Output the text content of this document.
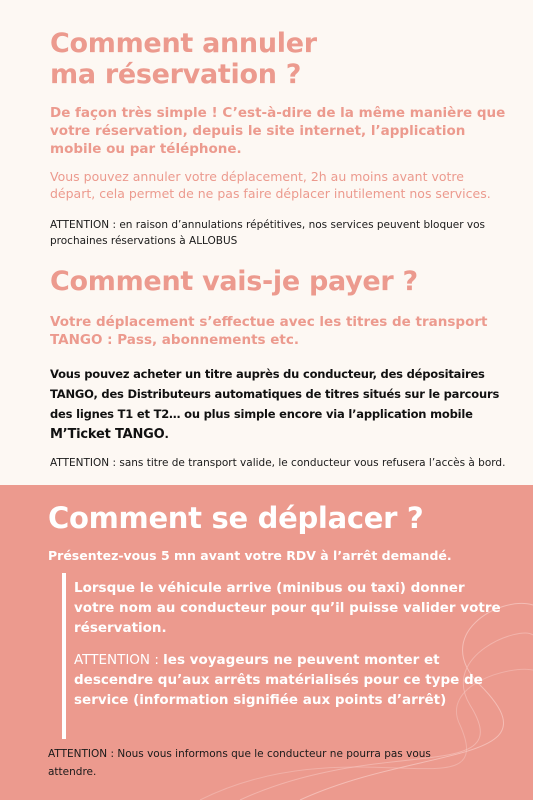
Comment annuler
ma réservation ?
De façon très simple ! C’est-à-dire de la même manière que votre réservation, depuis le site internet, l’application mobile ou par téléphone.
Vous pouvez annuler votre déplacement, 2h au moins avant votre départ, cela permet de ne pas faire déplacer inutilement nos services.
ATTENTION : en raison d’annulations répétitives, nos services peuvent bloquer vos prochaines réservations à ALLOBUS
Comment vais-je payer ?
Votre déplacement s’effectue avec les titres de transport TANGO : Pass, abonnements etc.
Vous pouvez acheter un titre auprès du conducteur, des dépositaires TANGO, des Distributeurs automatiques de titres situés sur le parcours des lignes T1 et T2… ou plus simple encore via l’application mobile M’Ticket TANGO.
ATTENTION : sans titre de transport valide, le conducteur vous refusera l’accès à bord.
Comment se déplacer ?
Présentez-vous 5 mn avant votre RDV à l’arrêt demandé.
Lorsque le véhicule arrive (minibus ou taxi) donner votre nom au conducteur pour qu’il puisse valider votre réservation.
ATTENTION : les voyageurs ne peuvent monter et descendre qu’aux arrêts matérialisés pour ce type de service (information signifiée aux points d’arrêt)
ATTENTION : Nous vous informons que le conducteur ne pourra pas vous attendre.
